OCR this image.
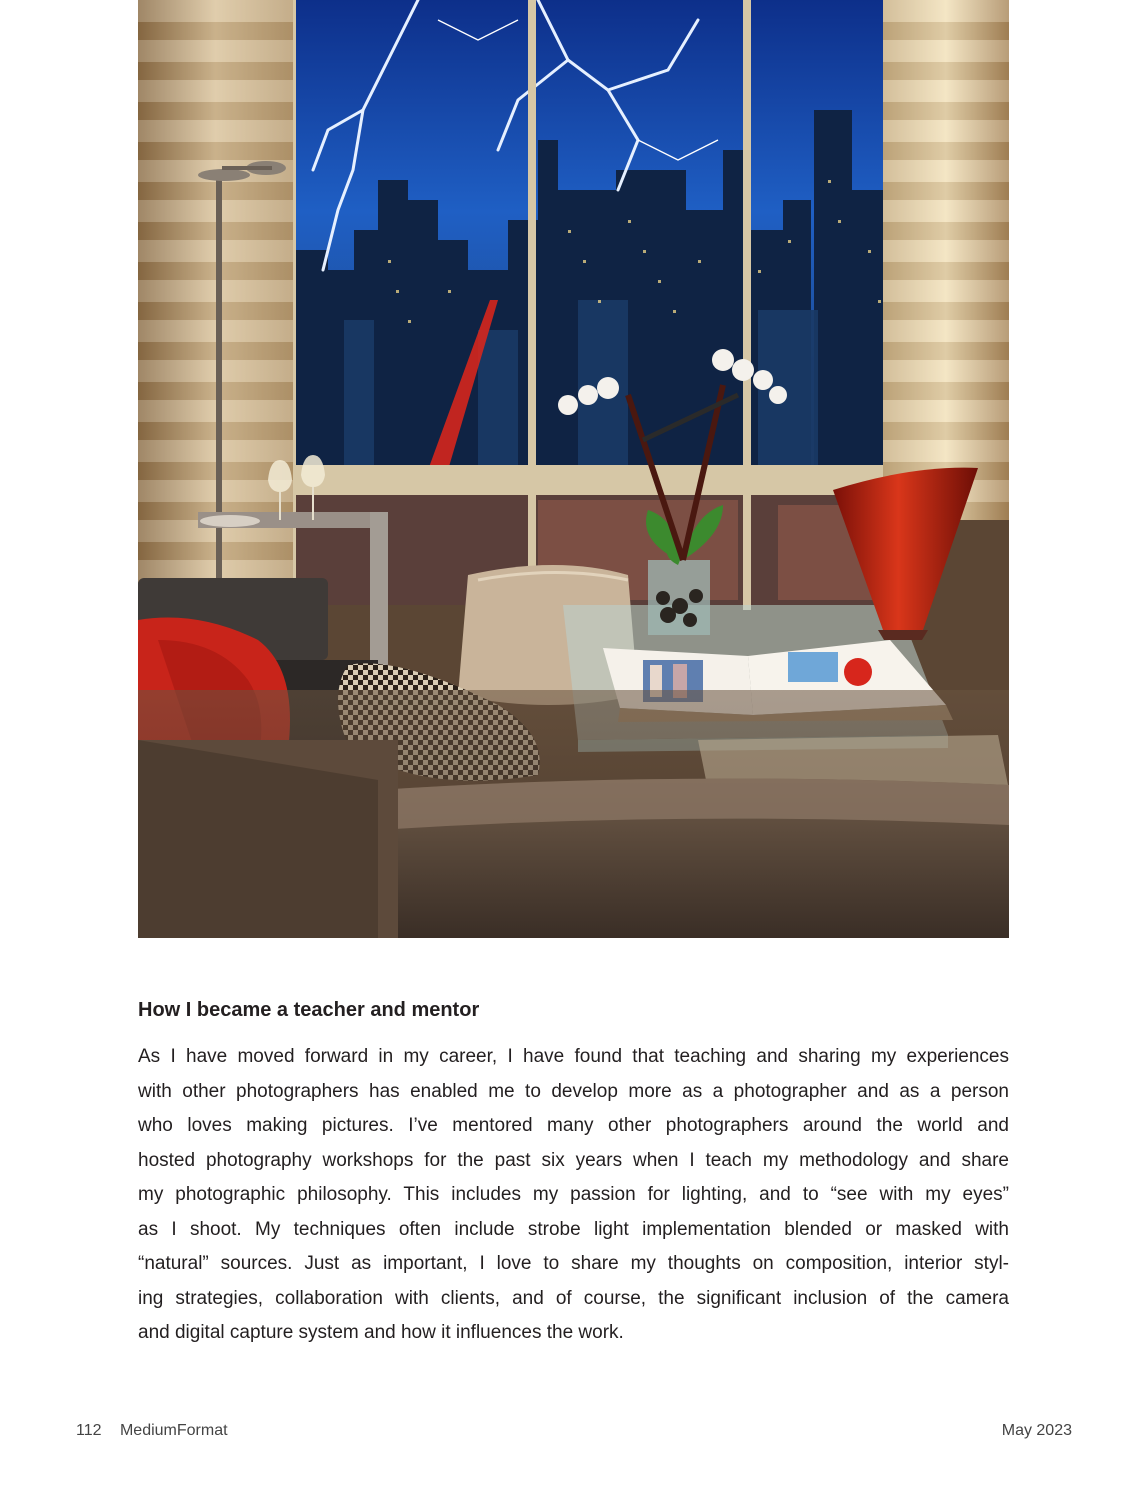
How I became a teacher and mentor

As I have moved forward in my career, I have found that teaching and sharing my experiences
with other photographers has enabled me to develop more as a photographer and as a person
who loves making pictures. I’ve mentored many other photographers around the world and
hosted photography workshops for the past six years when I teach my methodology and share
my photographic philosophy. This includes my passion for lighting, and to “see with my eyes”
as I shoot. My techniques often include strobe light implementation blended or masked with
“natural” sources. Just as important, I love to share my thoughts on composition, interior styl-
ing strategies, collaboration with clients, and of course, the significant inclusion of the camera
and digital capture system and how it influences the work.

112 MediumFormat	May 2023
